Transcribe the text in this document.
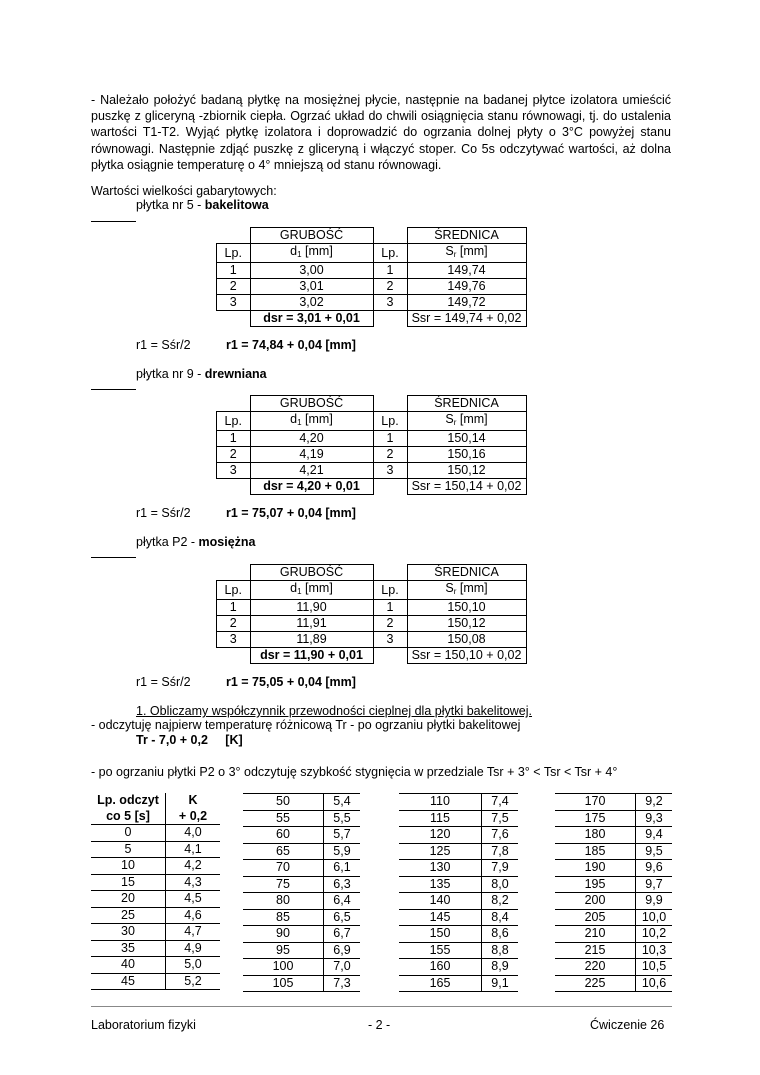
- Należało położyć badaną płytkę na mosiężnej płycie, następnie na badanej płytce izolatora umieścić puszkę z gliceryną -zbiornik ciepła. Ogrzać układ do chwili osiągnięcia stanu równowagi, tj. do ustalenia wartości T1-T2. Wyjąć płytkę izolatora i doprowadzić do ogrzania dolnej płyty o 3°C powyżej stanu równowagi. Następnie zdjąć puszkę z gliceryną i włączyć stoper. Co 5s odczytywać wartości, aż dolna płytka osiągnie temperaturę o 4° mniejszą od stanu równowagi.

Wartości wielkości gabarytowych:
płytka nr 5 - bakelitowa
	GRUBOŚĆ		ŚREDNICA
Lp.	$d_1$ [mm]	Lp.	$S_r$ [mm]
1	3,00	1	149,74
2	3,01	2	149,76
3	3,02	3	149,72
	dsr = 3,01 + 0,01		Ssr = 149,74 + 0,02
r1 = Sśr/2	r1 = 74,84 + 0,04 [mm]
płytka nr 9 - drewniana
	GRUBOŚĆ		ŚREDNICA
Lp.	$d_1$ [mm]	Lp.	$S_r$ [mm]
1	4,20	1	150,14
2	4,19	2	150,16
3	4,21	3	150,12
	dsr = 4,20 + 0,01		Ssr = 150,14 + 0,02
r1 = Sśr/2	r1 = 75,07 + 0,04 [mm]
płytka P2 - mosiężna
	GRUBOŚĆ		ŚREDNICA
Lp.	$d_1$ [mm]	Lp.	$S_r$ [mm]
1	11,90	1	150,10
2	11,91	2	150,12
3	11,89	3	150,08
	dsr = 11,90 + 0,01		Ssr = 150,10 + 0,02
r1 = Sśr/2	r1 = 75,05 + 0,04 [mm]
1. Obliczamy współczynnik przewodności cieplnej dla płytki bakelitowej.
- odczytuję najpierw temperaturę różnicową Tr - po ogrzaniu płytki bakelitowej
Tr - 7,0 + 0,2     [K]
- po ogrzaniu płytki P2 o 3° odczytuję szybkość stygnięcia w przedziale Tsr + 3° < Tsr < Tsr + 4°
Lp. odczyt	K
co 5 [s]	+ 0,2
0	4,0
5	4,1
10	4,2
15	4,3
20	4,5
25	4,6
30	4,7
35	4,9
40	5,0
45	5,2
50	5,4
55	5,5
60	5,7
65	5,9
70	6,1
75	6,3
80	6,4
85	6,5
90	6,7
95	6,9
100	7,0
105	7,3
110	7,4
115	7,5
120	7,6
125	7,8
130	7,9
135	8,0
140	8,2
145	8,4
150	8,6
155	8,8
160	8,9
165	9,1
170	9,2
175	9,3
180	9,4
185	9,5
190	9,6
195	9,7
200	9,9
205	10,0
210	10,2
215	10,3
220	10,5
225	10,6
Laboratorium fizyki	- 2 -	Ćwiczenie 26
